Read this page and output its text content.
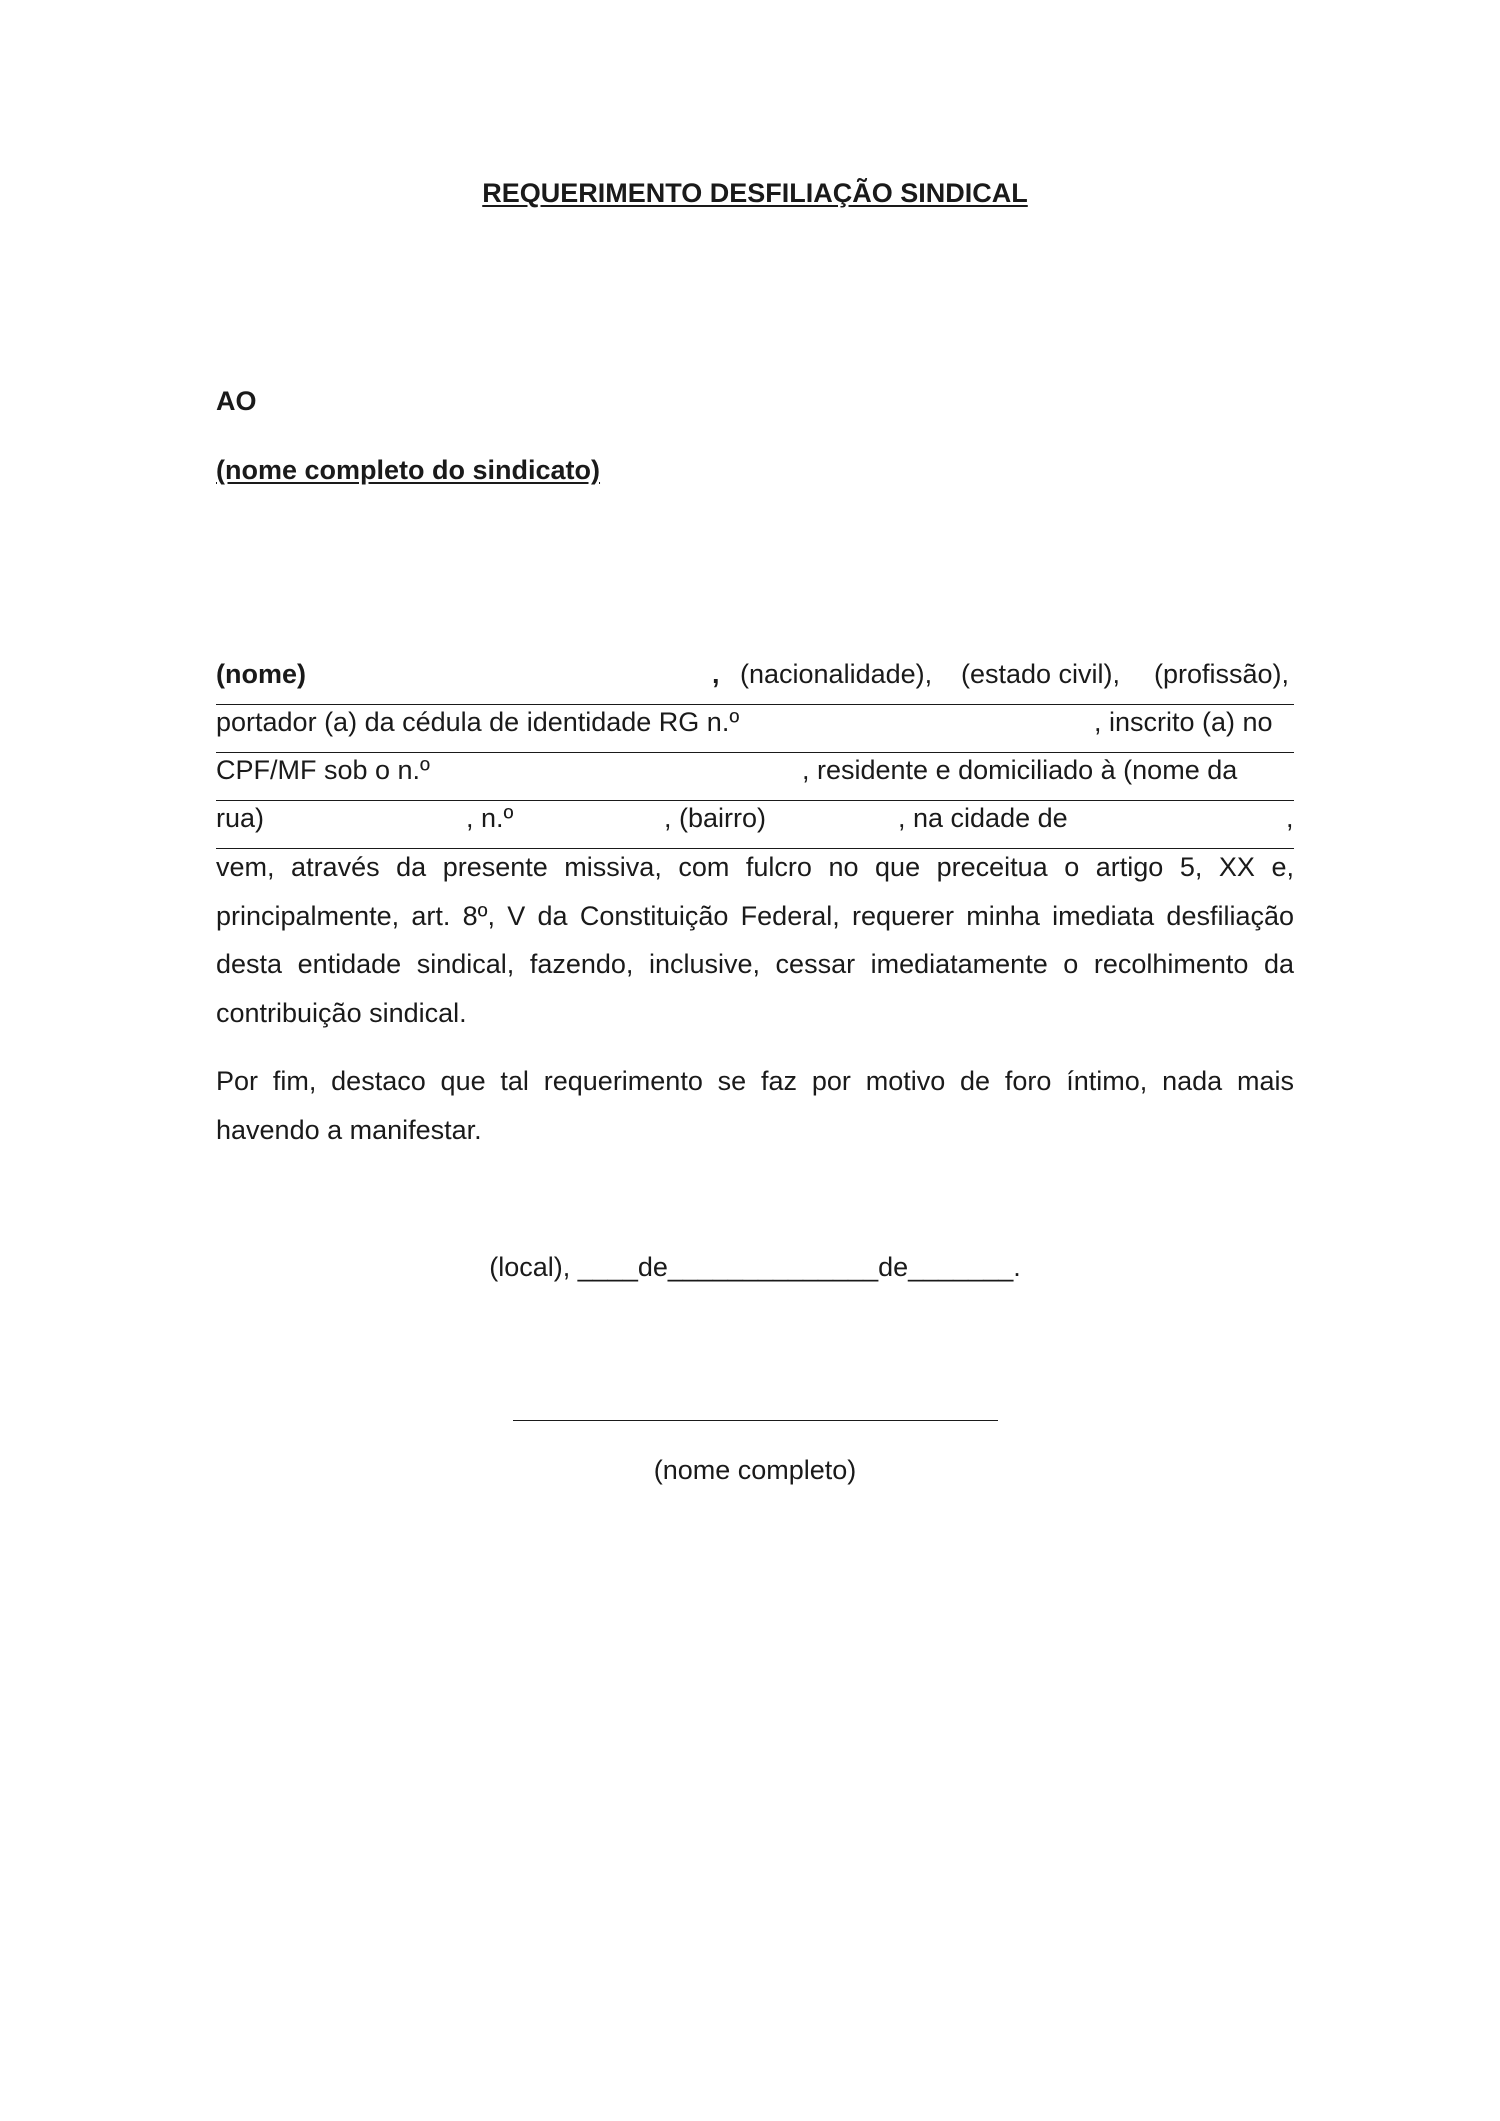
REQUERIMENTO DESFILIAÇÃO SINDICAL
AO
(nome completo do sindicato)
(nome)	, (nacionalidade), (estado civil), (profissão),
portador (a) da cédula de identidade RG n.º	, inscrito (a) no
CPF/MF sob o n.º	, residente e domiciliado à (nome da
rua)	, n.º	, (bairro)	, na cidade de	,

vem, através da presente missiva, com fulcro no que preceitua o artigo 5, XX e, principalmente, art. 8º, V da Constituição Federal, requerer minha imediata desfiliação desta entidade sindical, fazendo, inclusive, cessar imediatamente o recolhimento da contribuição sindical.

Por fim, destaco que tal requerimento se faz por motivo de foro íntimo, nada mais havendo a manifestar.

(local), ____de______________de_______.
(nome completo)
